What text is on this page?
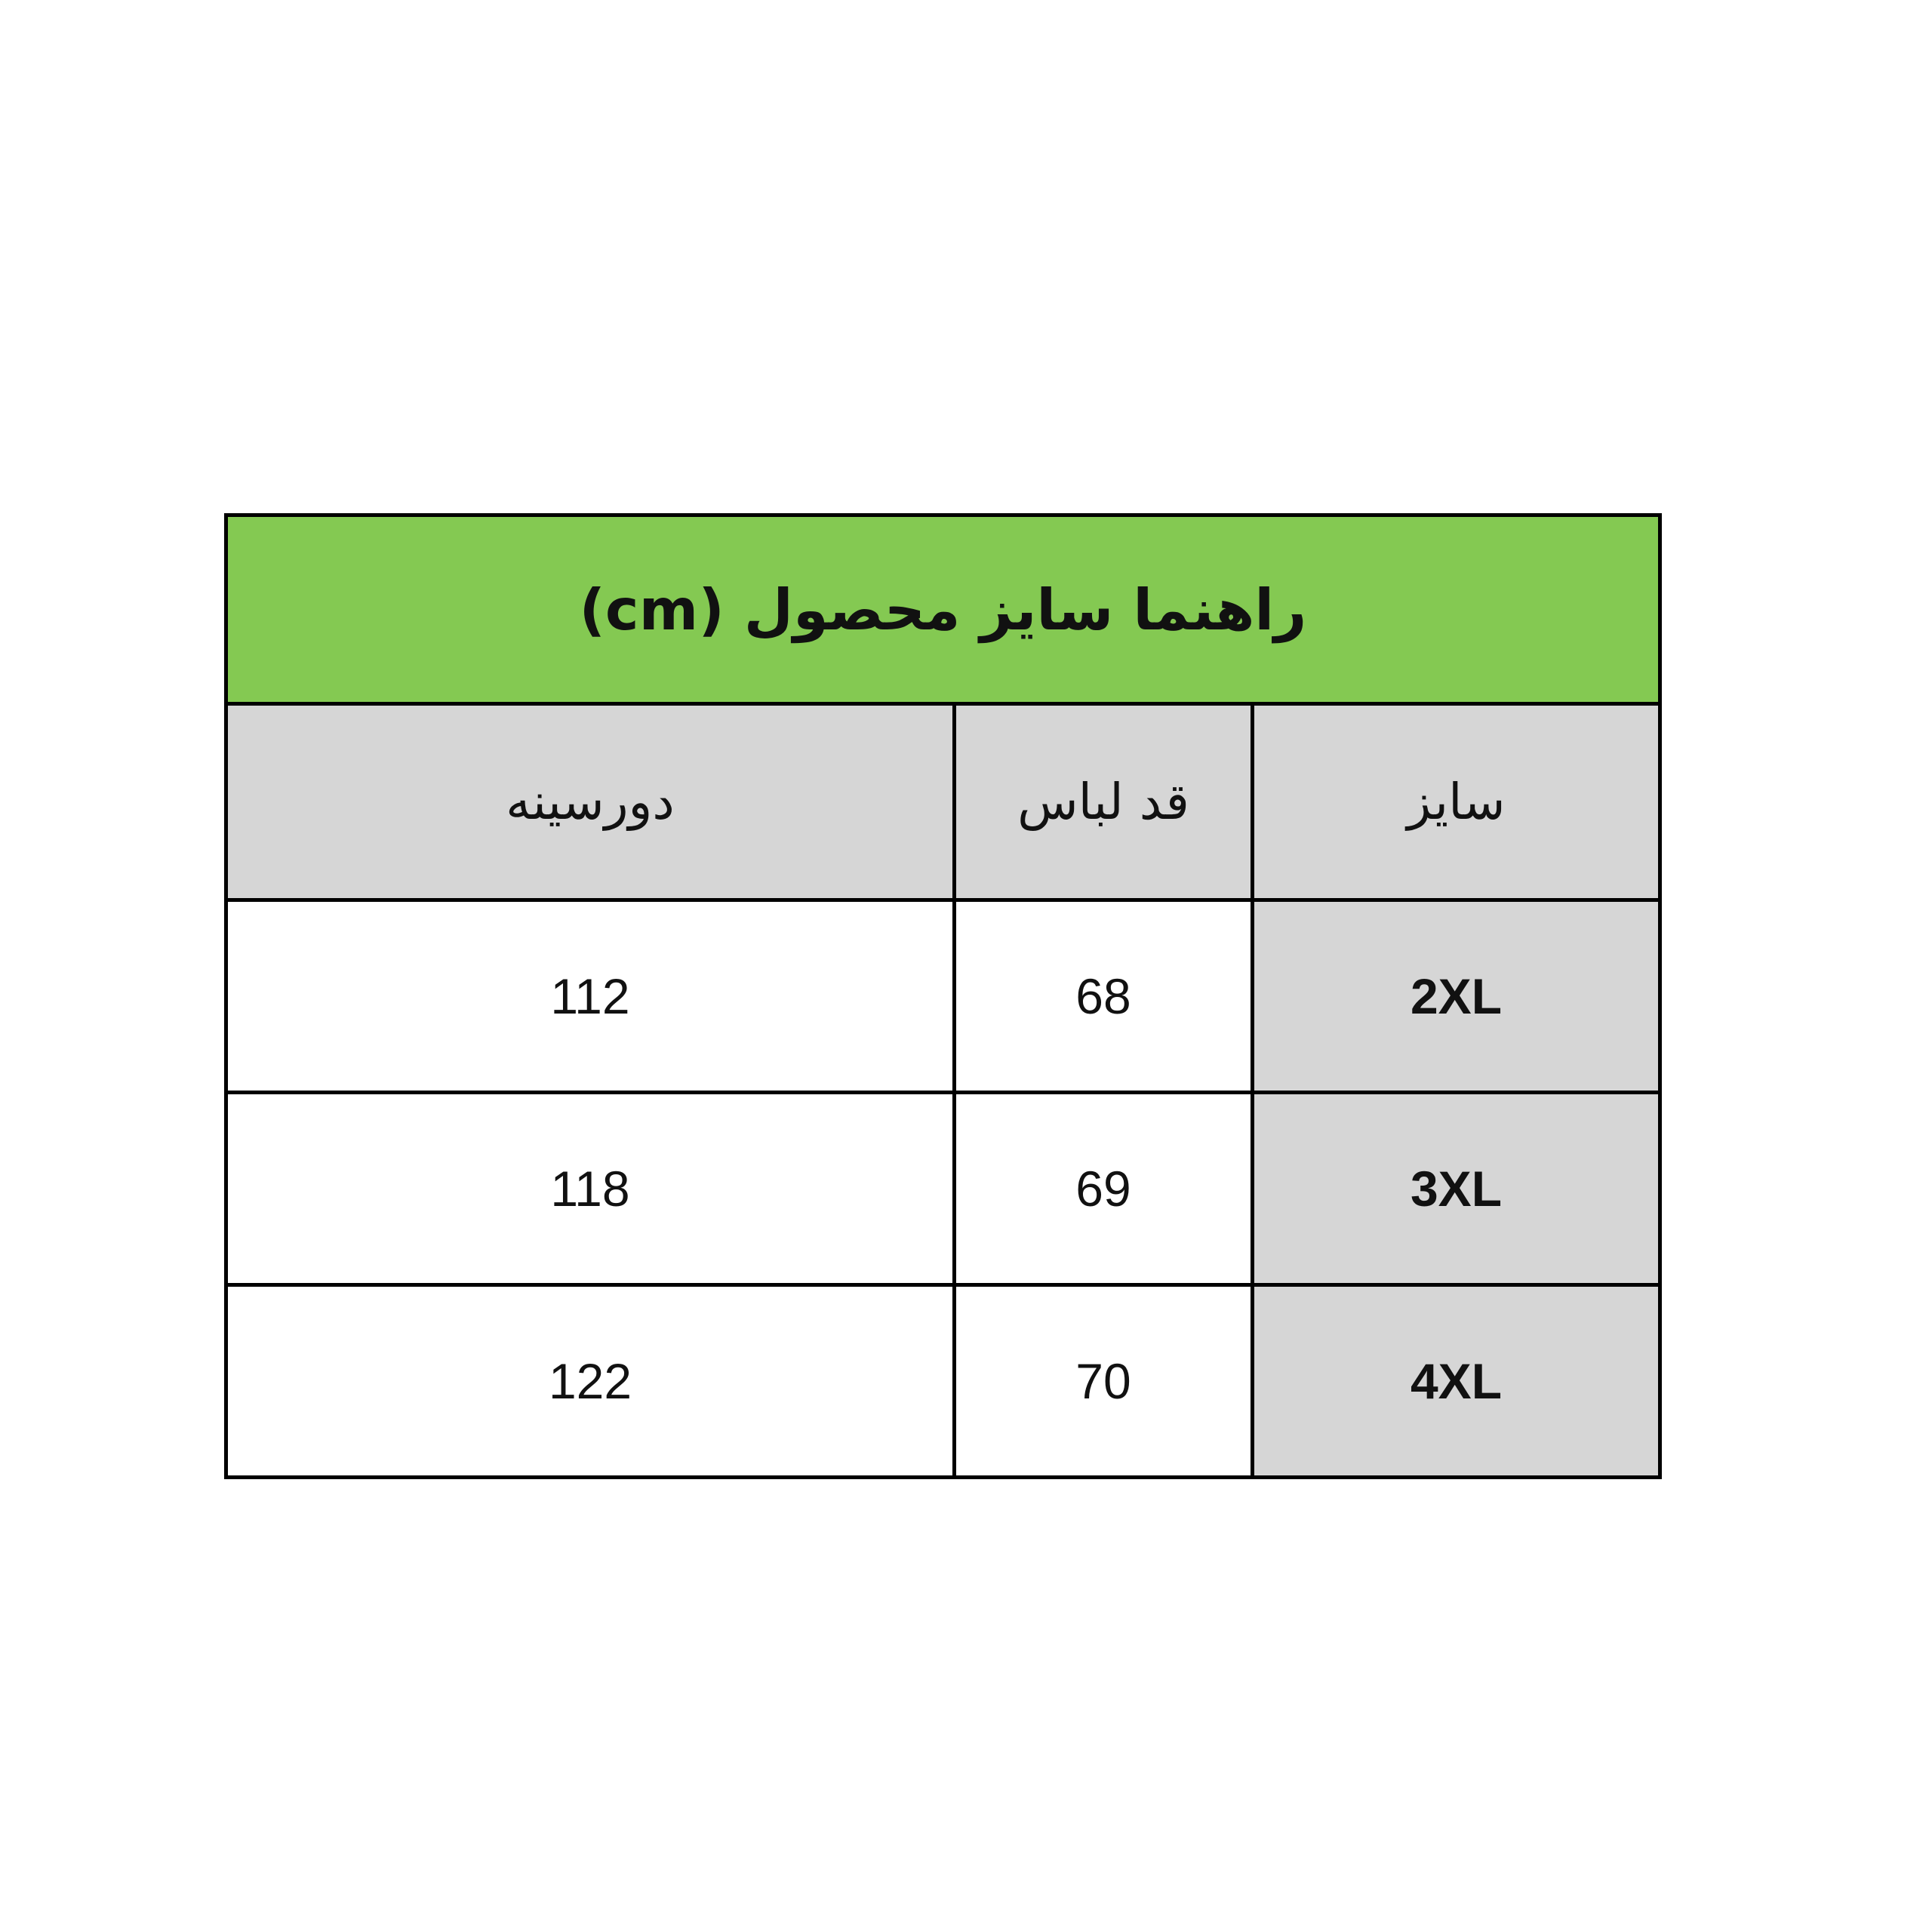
راهنما سایز محصول (cm)		
سایز	قد لباس	دورسینه
2XL	68	112
3XL	69	118
4XL	70	122
